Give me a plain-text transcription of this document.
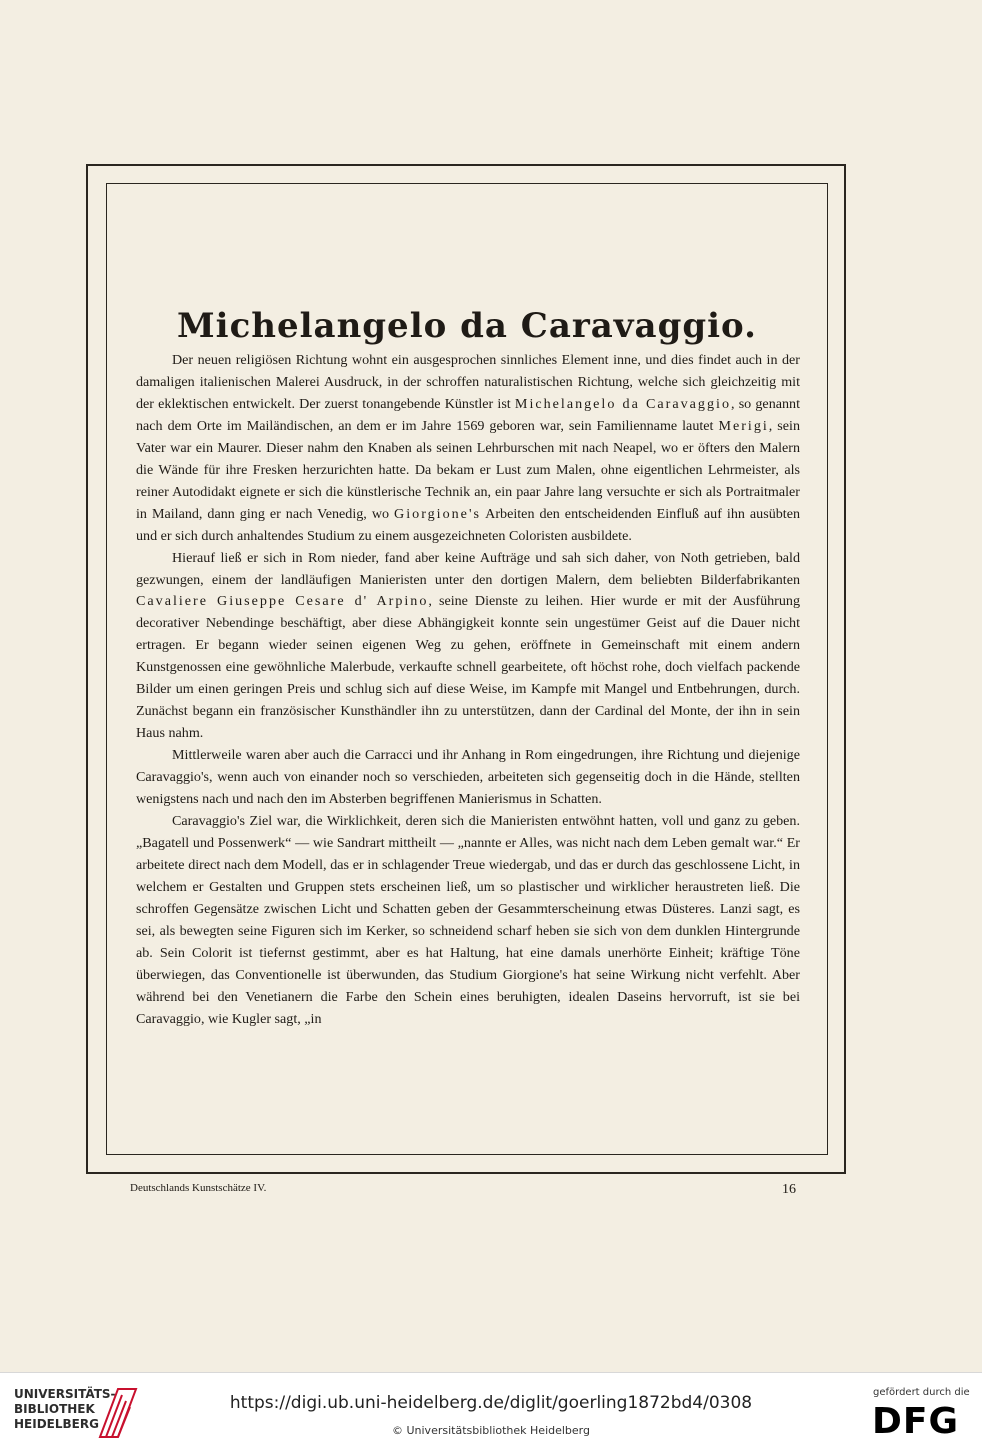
Michelangelo da Caravaggio.

Der neuen religiösen Richtung wohnt ein ausgesprochen sinnliches Element inne, und dies findet auch in der damaligen italienischen Malerei Ausdruck, in der schroffen naturalistischen Richtung, welche sich gleichzeitig mit der eklektischen entwickelt. Der zuerst tonangebende Künstler ist Michelangelo da Caravaggio, so genannt nach dem Orte im Mailändischen, an dem er im Jahre 1569 geboren war, sein Familienname lautet Merigi, sein Vater war ein Maurer. Dieser nahm den Knaben als seinen Lehrburschen mit nach Neapel, wo er öfters den Malern die Wände für ihre Fresken herzurichten hatte. Da bekam er Lust zum Malen, ohne eigentlichen Lehrmeister, als reiner Autodidakt eignete er sich die künstlerische Technik an, ein paar Jahre lang versuchte er sich als Portraitmaler in Mailand, dann ging er nach Venedig, wo Giorgione's Arbeiten den entscheidenden Einfluß auf ihn ausübten und er sich durch anhaltendes Studium zu einem ausgezeichneten Coloristen ausbildete.

Hierauf ließ er sich in Rom nieder, fand aber keine Aufträge und sah sich daher, von Noth getrieben, bald gezwungen, einem der landläufigen Manieristen unter den dortigen Malern, dem beliebten Bilderfabrikanten Cavaliere Giuseppe Cesare d' Arpino, seine Dienste zu leihen. Hier wurde er mit der Ausführung decorativer Nebendinge beschäftigt, aber diese Abhängigkeit konnte sein ungestümer Geist auf die Dauer nicht ertragen. Er begann wieder seinen eigenen Weg zu gehen, eröffnete in Gemeinschaft mit einem andern Kunstgenossen eine gewöhnliche Malerbude, verkaufte schnell gearbeitete, oft höchst rohe, doch vielfach packende Bilder um einen geringen Preis und schlug sich auf diese Weise, im Kampfe mit Mangel und Entbehrungen, durch. Zunächst begann ein französischer Kunsthändler ihn zu unterstützen, dann der Cardinal del Monte, der ihn in sein Haus nahm.

Mittlerweile waren aber auch die Carracci und ihr Anhang in Rom eingedrungen, ihre Richtung und diejenige Caravaggio's, wenn auch von einander noch so verschieden, arbeiteten sich gegenseitig doch in die Hände, stellten wenigstens nach und nach den im Absterben begriffenen Manierismus in Schatten.

Caravaggio's Ziel war, die Wirklichkeit, deren sich die Manieristen entwöhnt hatten, voll und ganz zu geben. „Bagatell und Possenwerk“ — wie Sandrart mittheilt — „nannte er Alles, was nicht nach dem Leben gemalt war.“ Er arbeitete direct nach dem Modell, das er in schlagender Treue wiedergab, und das er durch das geschlossene Licht, in welchem er Gestalten und Gruppen stets erscheinen ließ, um so plastischer und wirklicher heraustreten ließ. Die schroffen Gegensätze zwischen Licht und Schatten geben der Gesammterscheinung etwas Düsteres. Lanzi sagt, es sei, als bewegten seine Figuren sich im Kerker, so schneidend scharf heben sie sich von dem dunklen Hintergrunde ab. Sein Colorit ist tiefernst gestimmt, aber es hat Haltung, hat eine damals unerhörte Einheit; kräftige Töne überwiegen, das Conventionelle ist überwunden, das Studium Giorgione's hat seine Wirkung nicht verfehlt. Aber während bei den Venetianern die Farbe den Schein eines beruhigten, idealen Daseins hervorruft, ist sie bei Caravaggio, wie Kugler sagt, „in

Deutschlands Kunstschätze IV.	16
UNIVERSITÄTS-
BIBLIOTHEK
HEIDELBERG
https://digi.ub.uni-heidelberg.de/diglit/goerling1872bd4/0308
© Universitätsbibliothek Heidelberg
gefördert durch die
DFG
